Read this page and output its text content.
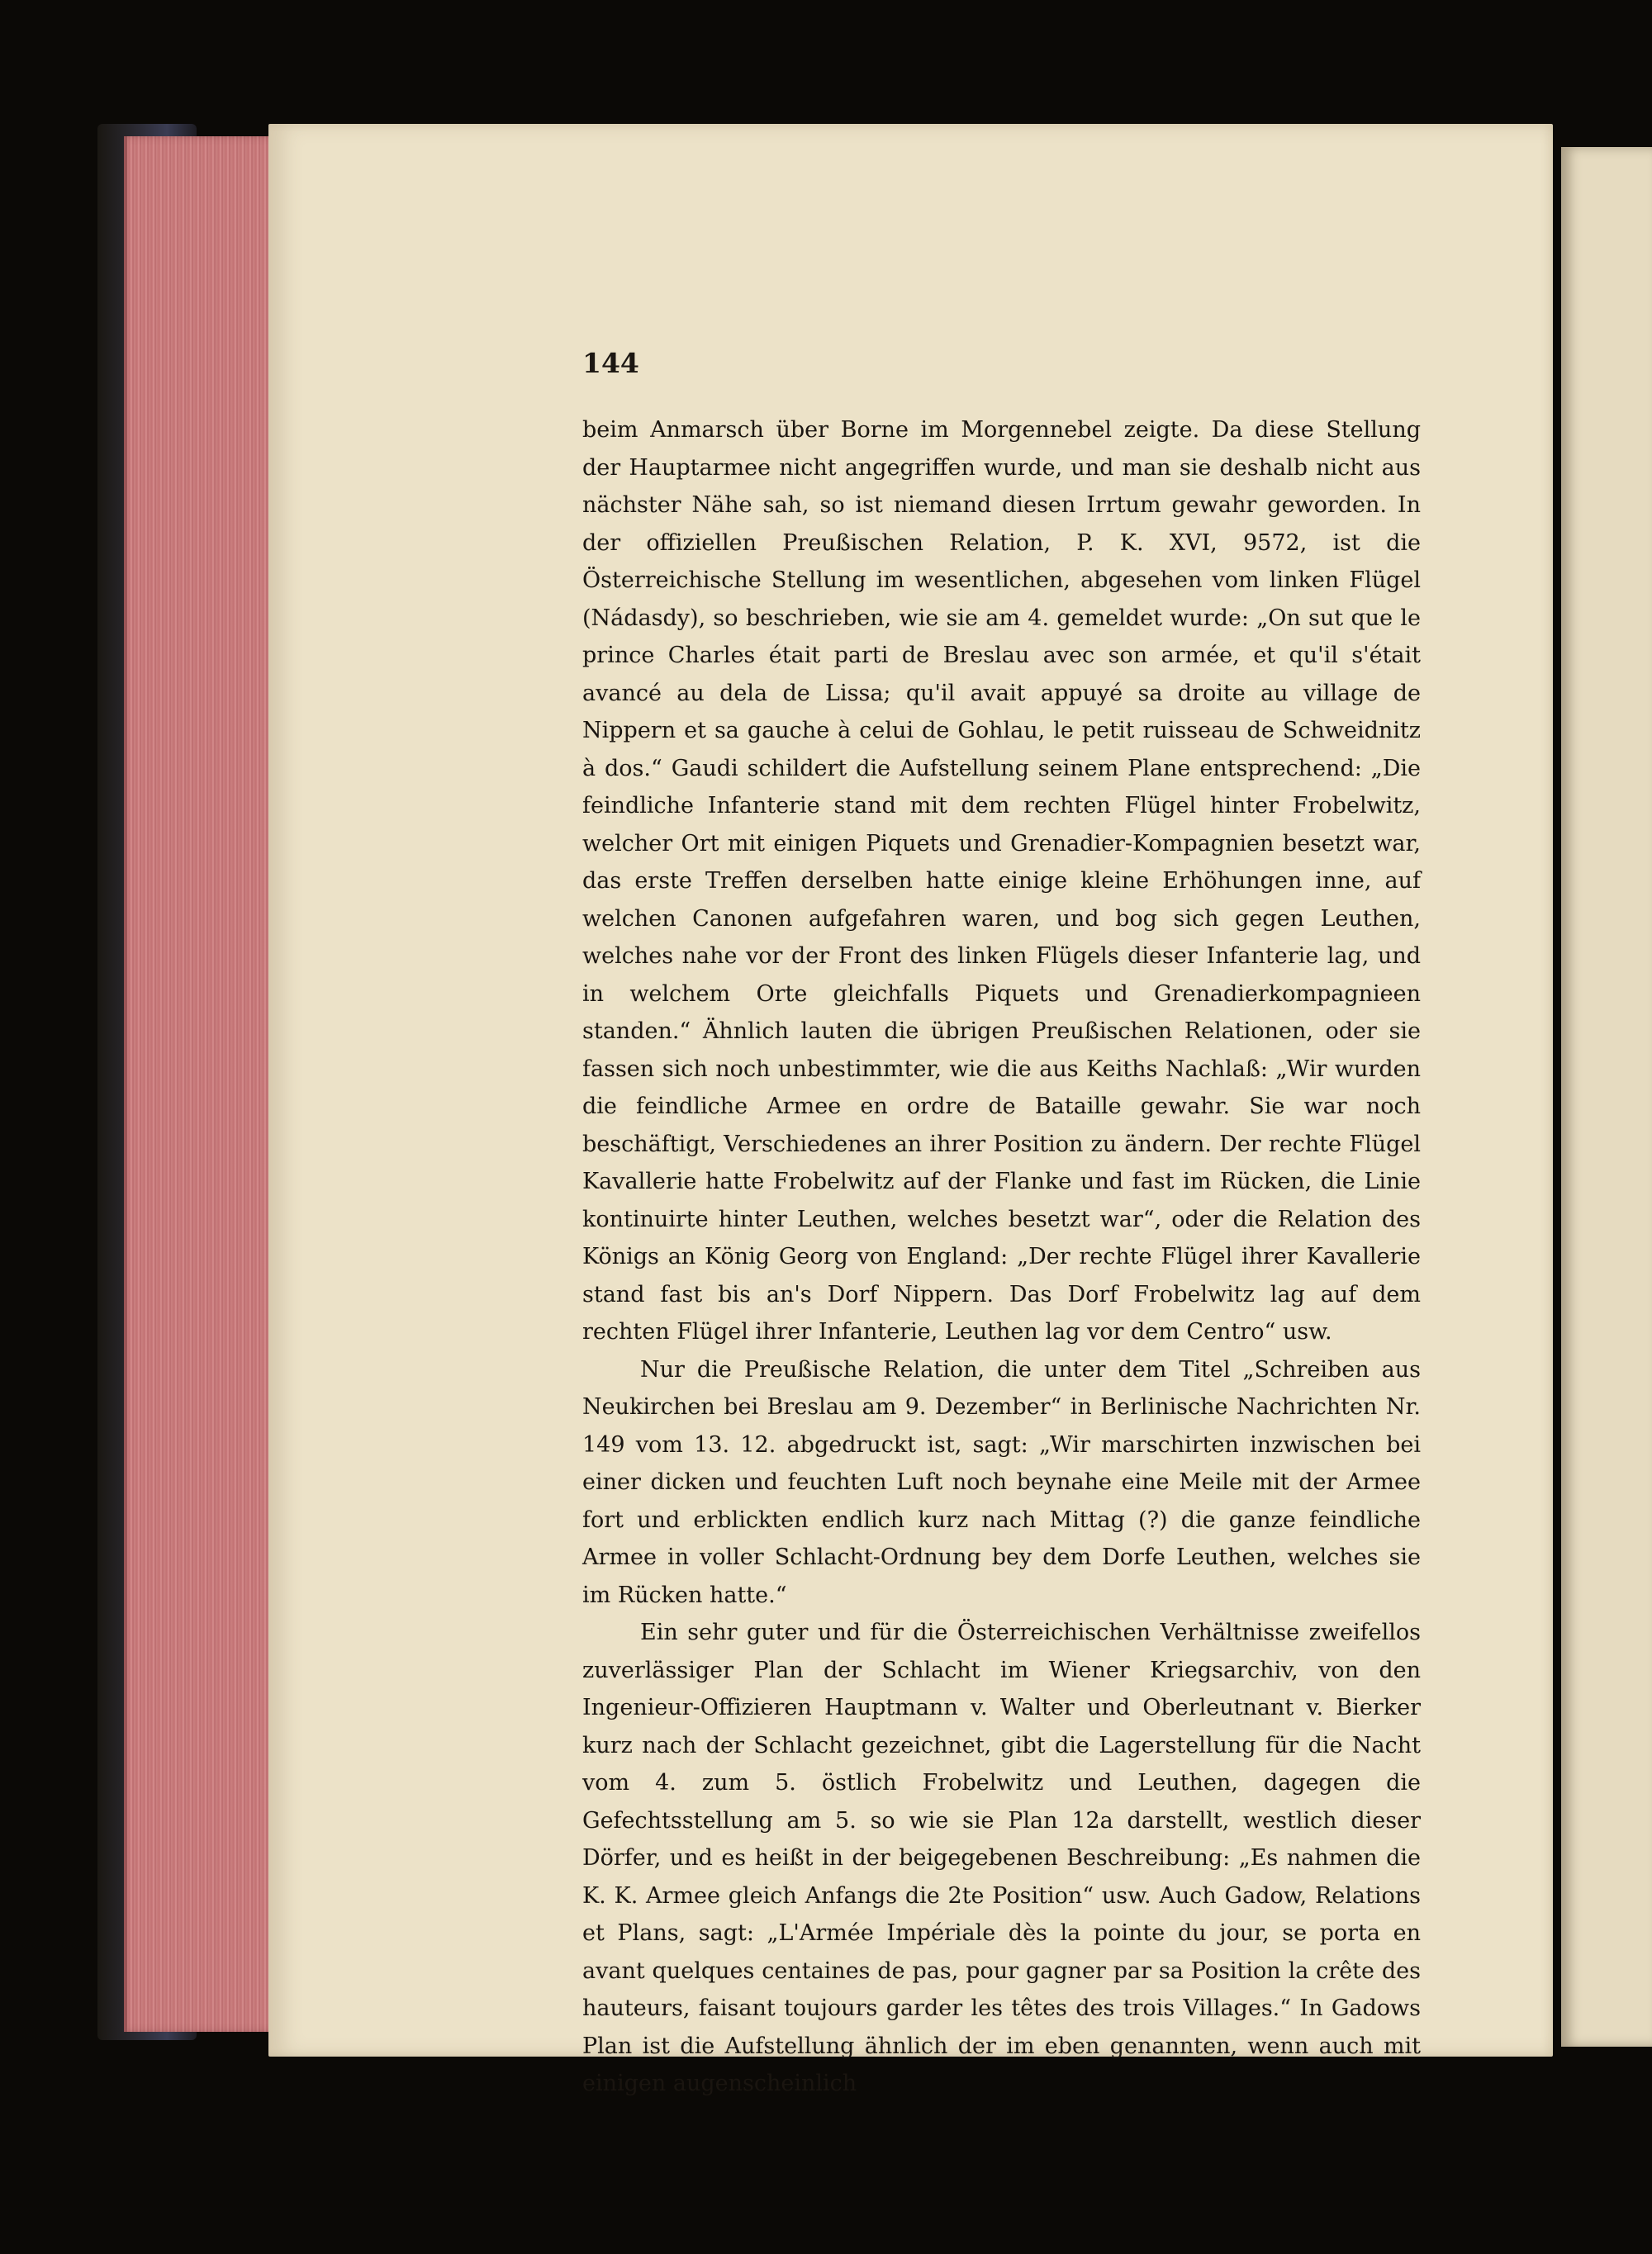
144

beim Anmarsch über Borne im Morgennebel zeigte. Da diese Stellung der Hauptarmee nicht angegriffen wurde, und man sie deshalb nicht aus nächster Nähe sah, so ist niemand diesen Irrtum gewahr geworden. In der offiziellen Preußischen Relation, P. K. XVI, 9572, ist die Österreichische Stellung im wesentlichen, abgesehen vom linken Flügel (Nádasdy), so beschrieben, wie sie am 4. gemeldet wurde: „On sut que le prince Charles était parti de Breslau avec son armée, et qu'il s'était avancé au dela de Lissa; qu'il avait appuyé sa droite au village de Nippern et sa gauche à celui de Gohlau, le petit ruisseau de Schweidnitz à dos.“ Gaudi schildert die Aufstellung seinem Plane entsprechend: „Die feindliche Infanterie stand mit dem rechten Flügel hinter Frobelwitz, welcher Ort mit einigen Piquets und Grenadier-Kompagnien besetzt war, das erste Treffen derselben hatte einige kleine Erhöhungen inne, auf welchen Canonen aufgefahren waren, und bog sich gegen Leuthen, welches nahe vor der Front des linken Flügels dieser Infanterie lag, und in welchem Orte gleichfalls Piquets und Grenadierkompagnieen standen.“ Ähnlich lauten die übrigen Preußischen Relationen, oder sie fassen sich noch unbestimmter, wie die aus Keiths Nachlaß: „Wir wurden die feindliche Armee en ordre de Bataille gewahr. Sie war noch beschäftigt, Verschiedenes an ihrer Position zu ändern. Der rechte Flügel Kavallerie hatte Frobelwitz auf der Flanke und fast im Rücken, die Linie kontinuirte hinter Leuthen, welches besetzt war“, oder die Relation des Königs an König Georg von England: „Der rechte Flügel ihrer Kavallerie stand fast bis an's Dorf Nippern. Das Dorf Frobelwitz lag auf dem rechten Flügel ihrer Infanterie, Leuthen lag vor dem Centro“ usw.

Nur die Preußische Relation, die unter dem Titel „Schreiben aus Neukirchen bei Breslau am 9. Dezember“ in Berlinische Nachrichten Nr. 149 vom 13. 12. abgedruckt ist, sagt: „Wir marschirten inzwischen bei einer dicken und feuchten Luft noch beynahe eine Meile mit der Armee fort und erblickten endlich kurz nach Mittag (?) die ganze feindliche Armee in voller Schlacht-Ordnung bey dem Dorfe Leuthen, welches sie im Rücken hatte.“

Ein sehr guter und für die Österreichischen Verhältnisse zweifellos zuverlässiger Plan der Schlacht im Wiener Kriegsarchiv, von den Ingenieur-Offizieren Hauptmann v. Walter und Oberleutnant v. Bierker kurz nach der Schlacht gezeichnet, gibt die Lagerstellung für die Nacht vom 4. zum 5. östlich Frobelwitz und Leuthen, dagegen die Gefechtsstellung am 5. so wie sie Plan 12a darstellt, westlich dieser Dörfer, und es heißt in der beigegebenen Beschreibung: „Es nahmen die K. K. Armee gleich Anfangs die 2te Position“ usw. Auch Gadow, Relations et Plans, sagt: „L'Armée Impériale dès la pointe du jour, se porta en avant quelques centaines de pas, pour gagner par sa Position la crête des hauteurs, faisant toujours garder les têtes des trois Villages.“ In Gadows Plan ist die Aufstellung ähnlich der im eben genannten, wenn auch mit einigen augenscheinlich
